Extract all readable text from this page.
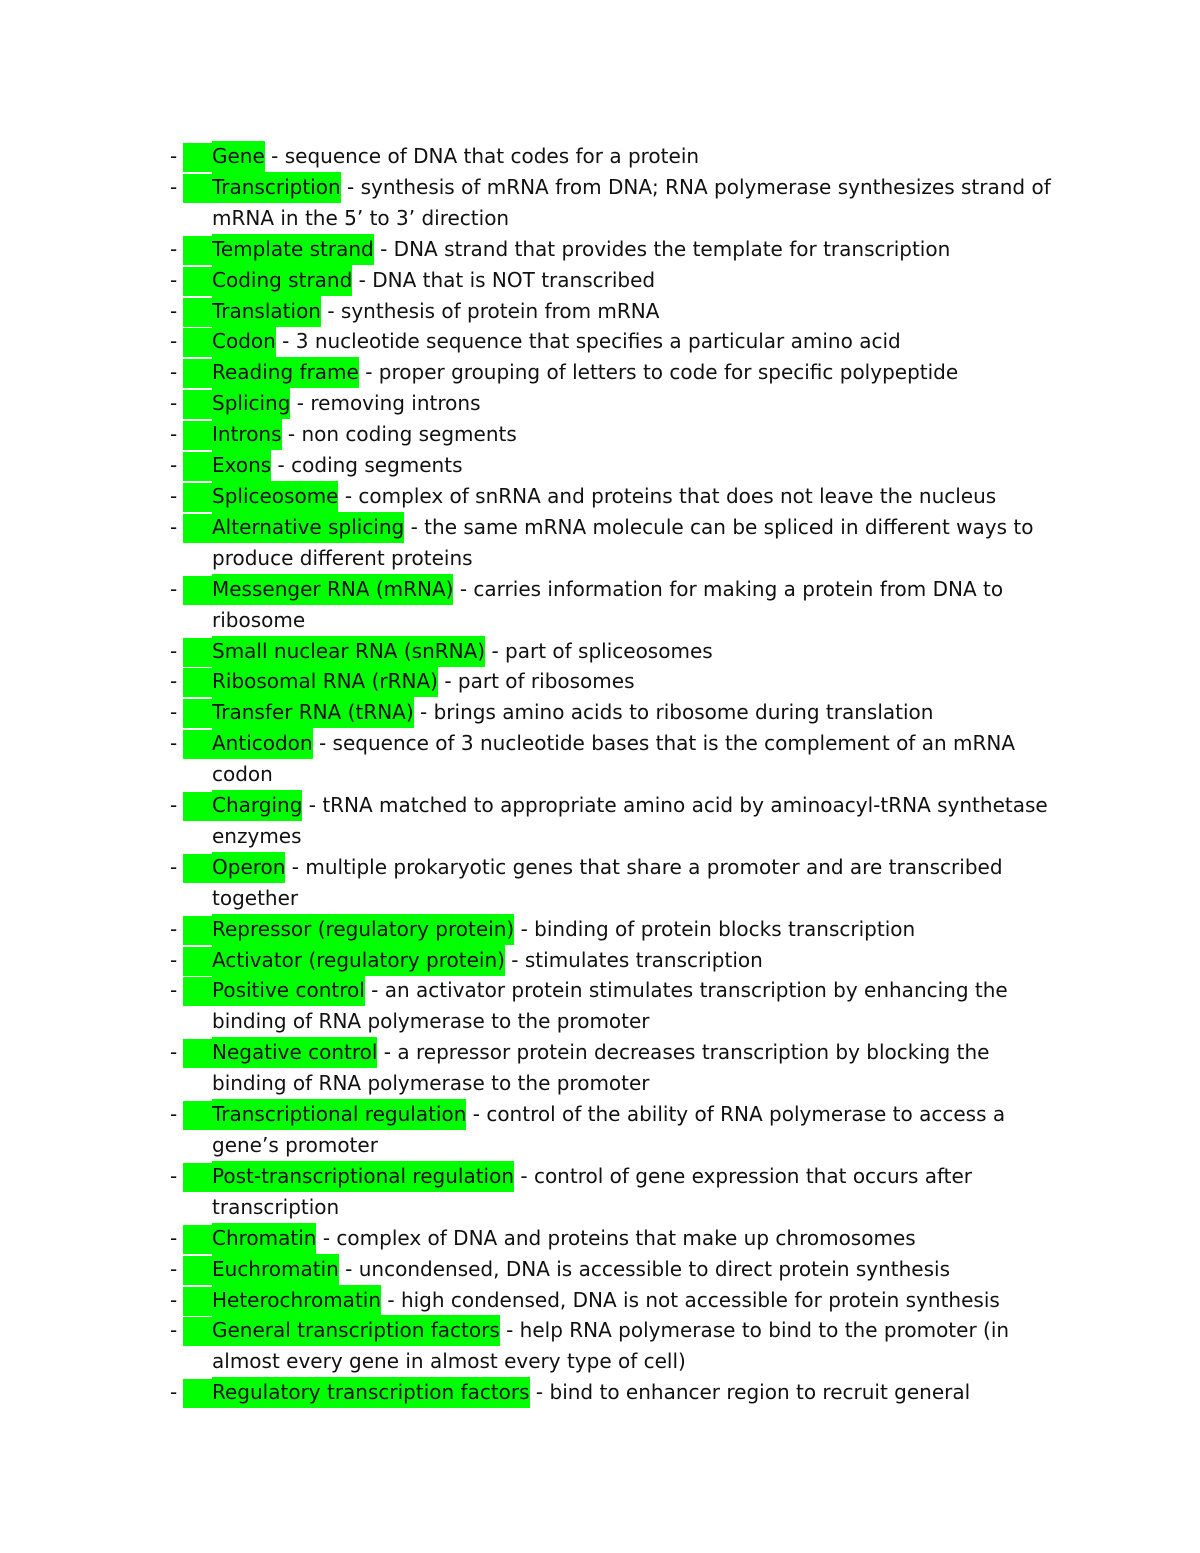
-	Gene - sequence of DNA that codes for a protein
-	Transcription - synthesis of mRNA from DNA; RNA polymerase synthesizes strand of mRNA in the 5’ to 3’ direction
-	Template strand - DNA strand that provides the template for transcription
-	Coding strand - DNA that is NOT transcribed
-	Translation - synthesis of protein from mRNA
-	Codon - 3 nucleotide sequence that specifies a particular amino acid
-	Reading frame - proper grouping of letters to code for specific polypeptide
-	Splicing - removing introns
-	Introns - non coding segments
-	Exons - coding segments
-	Spliceosome - complex of snRNA and proteins that does not leave the nucleus
-	Alternative splicing - the same mRNA molecule can be spliced in different ways to produce different proteins
-	Messenger RNA (mRNA) - carries information for making a protein from DNA to ribosome
-	Small nuclear RNA (snRNA) - part of spliceosomes
-	Ribosomal RNA (rRNA) - part of ribosomes
-	Transfer RNA (tRNA) - brings amino acids to ribosome during translation
-	Anticodon - sequence of 3 nucleotide bases that is the complement of an mRNA codon
-	Charging - tRNA matched to appropriate amino acid by aminoacyl-tRNA synthetase enzymes
-	Operon - multiple prokaryotic genes that share a promoter and are transcribed together
-	Repressor (regulatory protein) - binding of protein blocks transcription
-	Activator (regulatory protein) - stimulates transcription
-	Positive control - an activator protein stimulates transcription by enhancing the binding of RNA polymerase to the promoter
-	Negative control - a repressor protein decreases transcription by blocking the binding of RNA polymerase to the promoter
-	Transcriptional regulation - control of the ability of RNA polymerase to access a gene’s promoter
-	Post-transcriptional regulation - control of gene expression that occurs after transcription
-	Chromatin - complex of DNA and proteins that make up chromosomes
-	Euchromatin - uncondensed, DNA is accessible to direct protein synthesis
-	Heterochromatin - high condensed, DNA is not accessible for protein synthesis
-	General transcription factors - help RNA polymerase to bind to the promoter (in almost every gene in almost every type of cell)
-	Regulatory transcription factors - bind to enhancer region to recruit general
